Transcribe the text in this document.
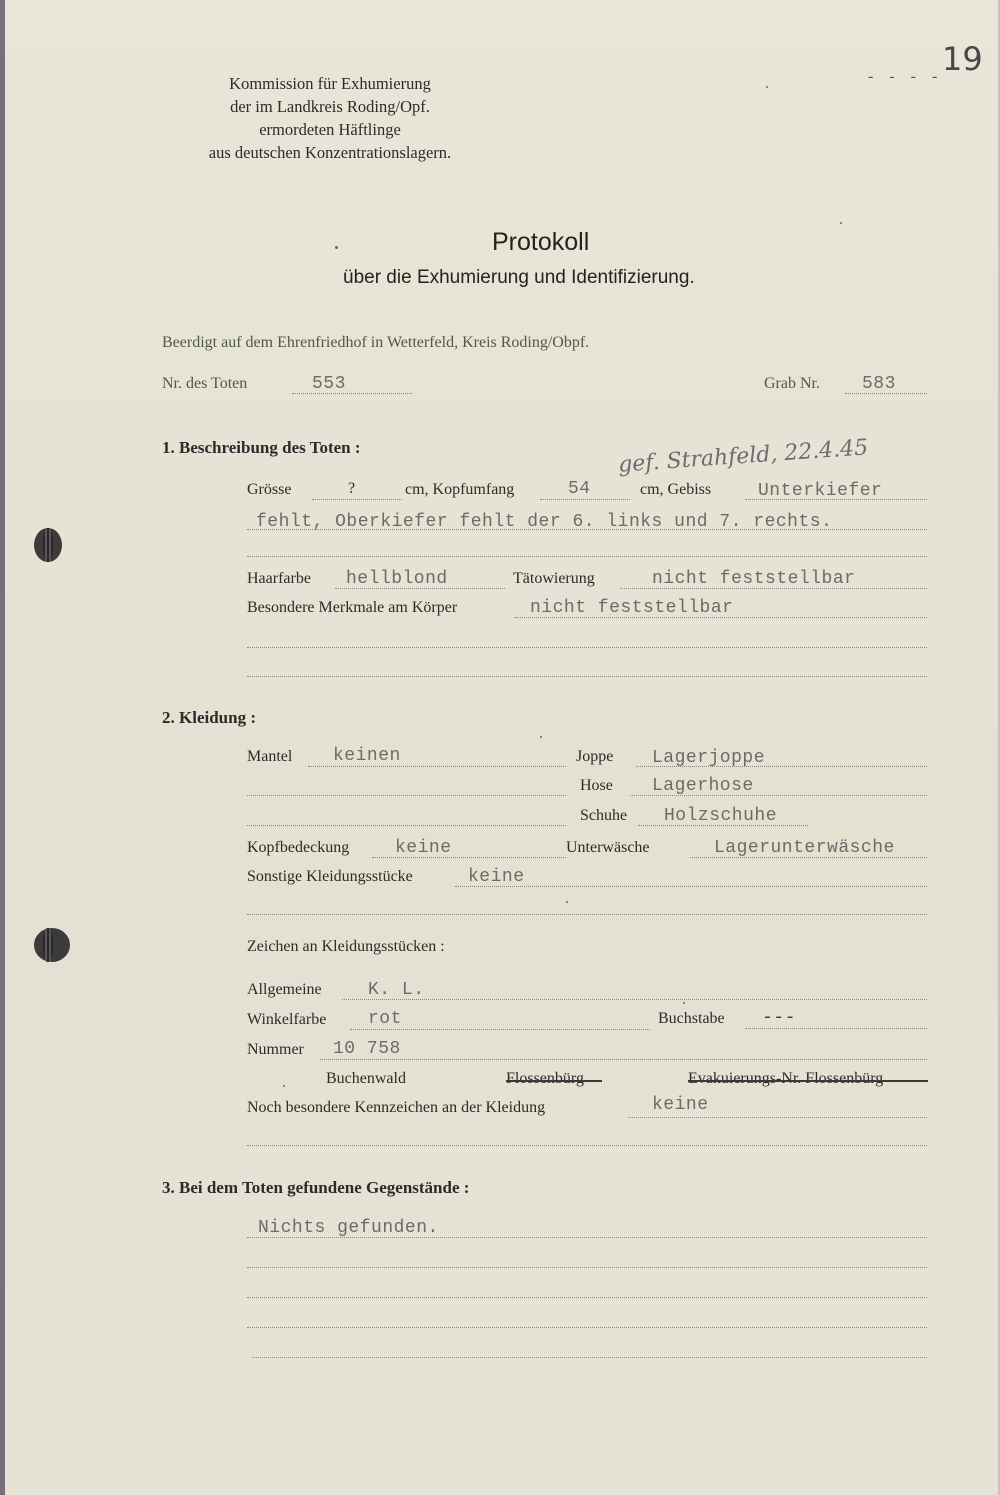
19
- - - -
Kommission für Exhumierung
der im Landkreis Roding/Opf.
ermordeten Häftlinge
aus deutschen Konzentrationslagern.
Protokoll
über die Exhumierung und Identifizierung.
Beerdigt auf dem Ehrenfriedhof in Wetterfeld, Kreis Roding/Obpf.
Nr. des Toten	553	Grab Nr. 583
1. Beschreibung des Toten :	gef. Strahfeld, 22.4.45
Grösse	?	cm, Kopfumfang	54	cm, Gebiss	Unterkiefer
fehlt, Oberkiefer fehlt der 6. links und 7. rechts.
Haarfarbe hellblond	Tätowierung	nicht feststellbar
Besondere Merkmale am Körper	nicht feststellbar
2. Kleidung :
Mantel keinen	Joppe Lagerjoppe
Hose Lagerhose
Schuhe Holzschuhe
Kopfbedeckung	keine	Unterwäsche	Lagerunterwäsche
Sonstige Kleidungsstücke	keine
Zeichen an Kleidungsstücken :
Allgemeine	K. L.
Winkelfarbe rot	Buchstabe ---
Nummer 10 758
Buchenwald	Flossenbürg	Evakuierungs-Nr. Flossenbürg
Noch besondere Kennzeichen an der Kleidung	keine
3. Bei dem Toten gefundene Gegenstände :
Nichts gefunden.
